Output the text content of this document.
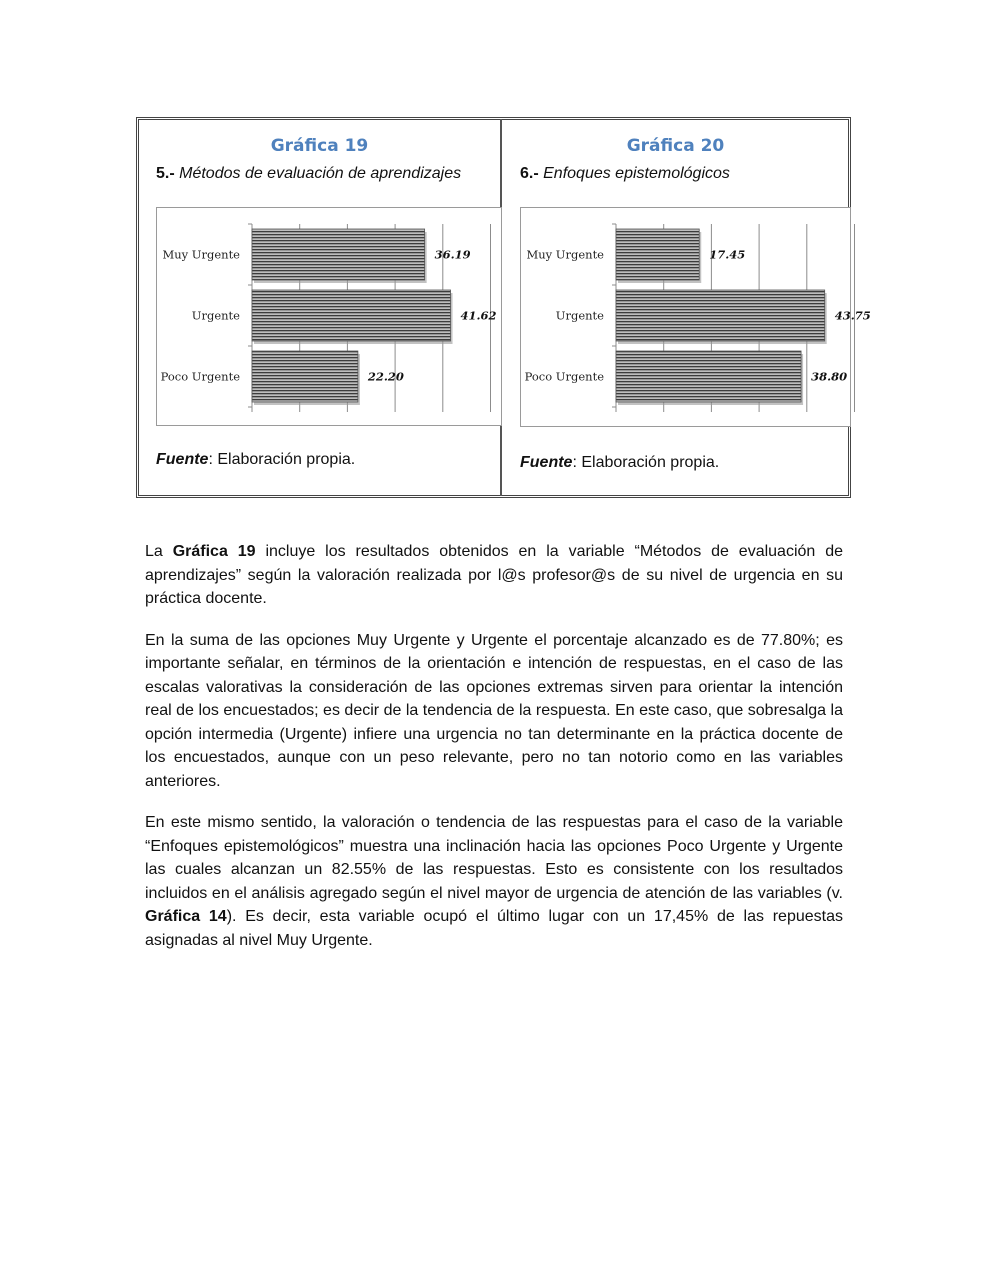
Gráfica 19
5.- Métodos de evaluación de aprendizajes
Fuente: Elaboración propia.
Gráfica 20
6.- Enfoques epistemológicos
Fuente: Elaboración propia.
Muy Urgente	36.19
Urgente	41.62
Poco Urgente	22.20
Muy Urgente	17.45
Urgente	43.75
Poco Urgente	38.80

La Gráfica 19 incluye los resultados obtenidos en la variable “Métodos de evaluación de aprendizajes” según la valoración realizada por l@s profesor@s de su nivel de urgencia en su práctica docente.

En la suma de las opciones Muy Urgente y Urgente el porcentaje alcanzado es de 77.80%; es importante señalar, en términos de la orientación e intención de respuestas, en el caso de las escalas valorativas la consideración de las opciones extremas sirven para orientar la intención real de los encuestados; es decir de la tendencia de la respuesta. En este caso, que sobresalga la opción intermedia (Urgente) infiere una urgencia no tan determinante en la práctica docente de los encuestados, aunque con un peso relevante, pero no tan notorio como en las variables anteriores.

En este mismo sentido, la valoración o tendencia de las respuestas para el caso de la variable “Enfoques epistemológicos” muestra una inclinación hacia las opciones Poco Urgente y Urgente las cuales alcanzan un 82.55% de las respuestas. Esto es consistente con los resultados incluidos en el análisis agregado según el nivel mayor de urgencia de atención de las variables (v. Gráfica 14). Es decir, esta variable ocupó el último lugar con un 17,45% de las repuestas asignadas al nivel Muy Urgente.
